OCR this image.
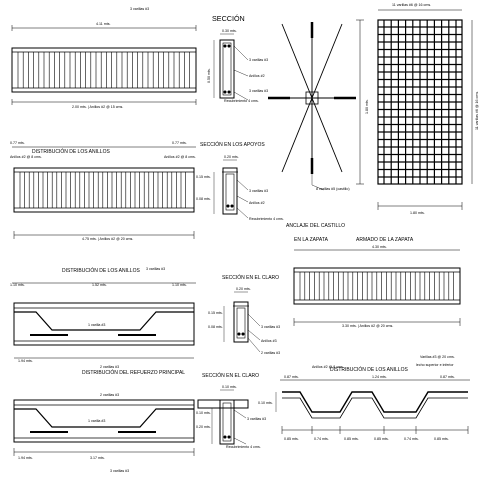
SECCIÓN
SECCIÓN EN LOS APOYOS
SECCIÓN EN EL CLARO
SECCIÓN EN EL CLARO
DISTRIBUCIÓN DE LOS ANILLOS
DISTRIBUCIÓN DE LOS ANILLOS
DISTRIBUCIÓN DEL REFUERZO PRINCIPAL
ANCLAJE DEL CASTILLO
EN LA ZAPATA	ARMADO DE LA ZAPATA
DISTRIBUCIÓN DE LOS ANILLOS
4.11 mts.
3 varillas #3
2.00 mts. | Anillos #2 @ 15 cms.
0.77 mts.
Anillos #2 @ 8 cms.
0.77 mts.
Anillos #2 @ 8 cms.
4.75 mts. | Anillos #2 @ 20 cms.
1.10 mts.	1.10 mts.
1.52 mts.
3 varillas #3
1 varilla #3
1.94 mts.
2 varillas #3
1 varilla #3
2 varillas #3
1.94 mts.	3.17 mts.
3 varillas #3
0.30 mts.
0.50 mts.
3 varillas #3
Anillos #2
3 varillas #3
Recubrimiento 4 cms.
0.20 mts.
0.15 mts.
0.08 mts.
3 varillas #3
Anillos #2
Recubrimiento 4 cms.
0.20 mts.
0.15 mts.
0.08 mts.	3 varillas #3
Anillos #3
2 varillas #3
0.10 mts.
0.10 mts.
0.20 mts.
3 varillas #3
Recubrimiento 4 cms.
8 varillas #5 (castillo)
11 varillas #6 @ 16 cms.
11 varillas #6 @ 16 cms.
1.80 mts.
1.80 mts.
4.30 mts.
3.30 mts. | Anillos #2 @ 20 cms.
0.87 mts.	1.24 mts.	0.87 mts.
Anillos #2 @ 8 cms.
Varillas #3 @ 20 cms.
lecho superior e inferior
0.10 mts.
0.85 mts.	0.74 mts.	0.85 mts.	0.85 mts.	0.74 mts.	0.85 mts.
